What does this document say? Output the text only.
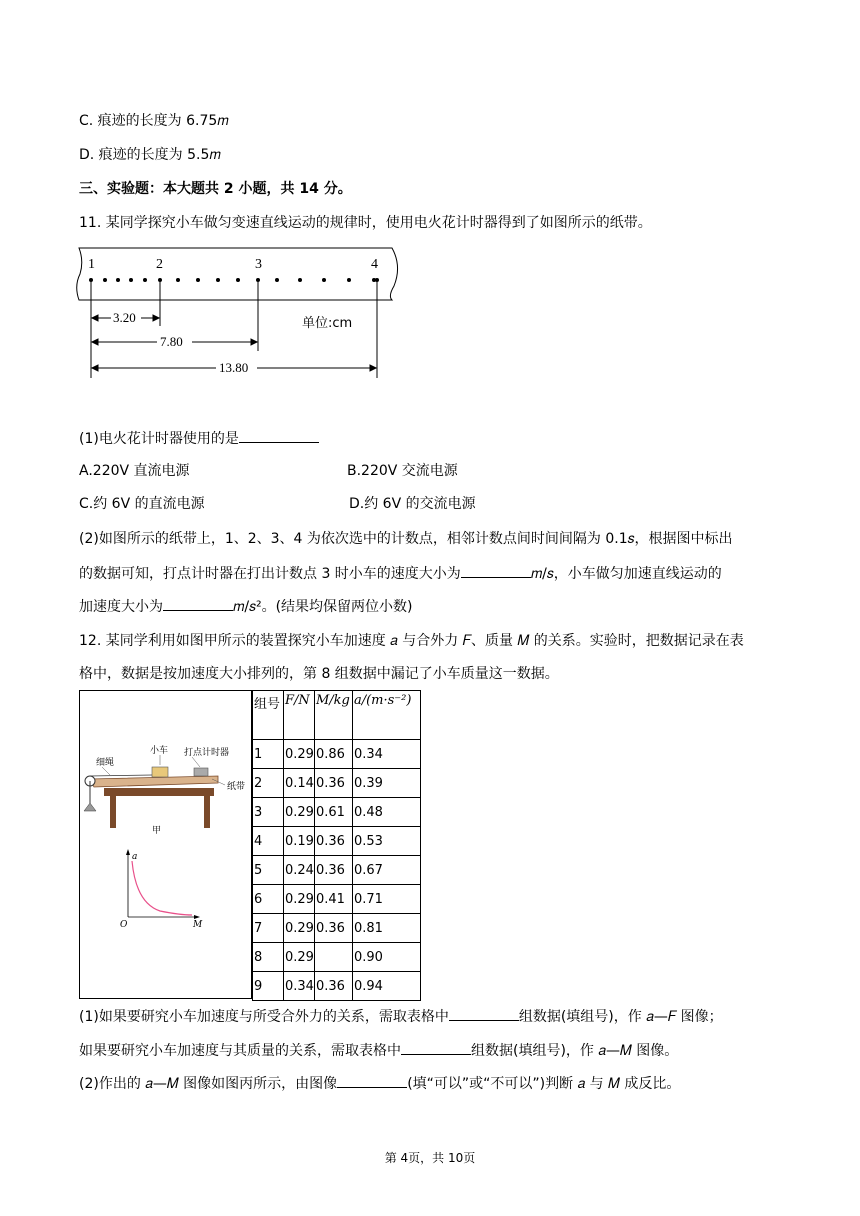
C. 痕迹的长度为 6.75𝑚
D. 痕迹的长度为 5.5𝑚
三、实验题：本大题共 2 小题，共 14 分。
11. 某同学探究小车做匀变速直线运动的规律时，使用电火花计时器得到了如图所示的纸带。
1	2	3	4
3.20
7.80
13.80
单位:cm
(1)电火花计时器使用的是
A.220V 直流电源	B.220V 交流电源
C.约 6V 的直流电源	D.约 6V 的交流电源
(2)如图所示的纸带上，1、2、3、4 为依次选中的计数点，相邻计数点间时间间隔为 0.1𝑠，根据图中标出
的数据可知，打点计时器在打出计数点 3 时小车的速度大小为	𝑚/𝑠，小车做匀加速直线运动的
加速度大小为	𝑚/𝑠²。(结果均保留两位小数)
12. 某同学利用如图甲所示的装置探究小车加速度 𝑎 与合外力 𝐹、质量 𝑀 的关系。实验时，把数据记录在表
格中，数据是按加速度大小排列的，第 8 组数据中漏记了小车质量这一数据。
细绳
小车 打点计时器
纸带
甲
a
M
O
组号	F/N	M/kg	a/(m·s⁻²)
1	0.29	0.86	0.34
2	0.14	0.36	0.39
3	0.29	0.61	0.48
4	0.19	0.36	0.53
5	0.24	0.36	0.67
6	0.29	0.41	0.71
7	0.29	0.36	0.81
8	0.29		0.90
9	0.34	0.36	0.94
(1)如果要研究小车加速度与所受合外力的关系，需取表格中	组数据(填组号)，作 𝑎—𝐹 图像；
如果要研究小车加速度与其质量的关系，需取表格中	组数据(填组号)，作 𝑎—𝑀 图像。
(2)作出的 𝑎—𝑀 图像如图丙所示，由图像	(填“可以”或“不可以”)判断 𝑎 与 𝑀 成反比。
第 4页，共 10页
